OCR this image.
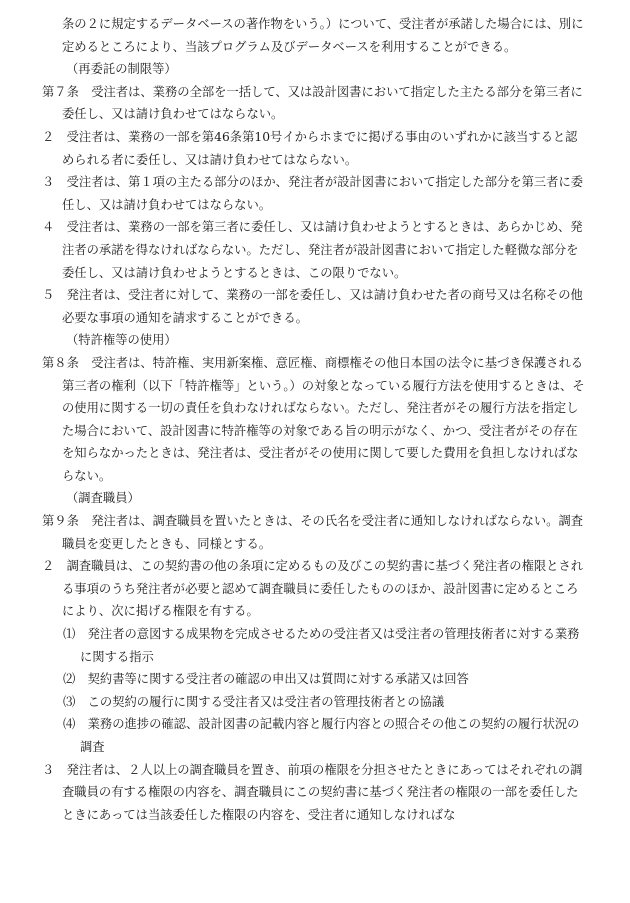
条の２に規定するデータベースの著作物をいう。）について、受注者が承諾した場合には、別に定めるところにより、当該プログラム及びデータベースを利用することができる。
（再委託の制限等）
第７条　受注者は、業務の全部を一括して、又は設計図書において指定した主たる部分を第三者に委任し、又は請け負わせてはならない。
２　受注者は、業務の一部を第46条第10号イからホまでに掲げる事由のいずれかに該当すると認められる者に委任し、又は請け負わせてはならない。
３　受注者は、第１項の主たる部分のほか、発注者が設計図書において指定した部分を第三者に委任し、又は請け負わせてはならない。
４　受注者は、業務の一部を第三者に委任し、又は請け負わせようとするときは、あらかじめ、発注者の承諾を得なければならない。ただし、発注者が設計図書において指定した軽微な部分を委任し、又は請け負わせようとするときは、この限りでない。
５　発注者は、受注者に対して、業務の一部を委任し、又は請け負わせた者の商号又は名称その他必要な事項の通知を請求することができる。
（特許権等の使用）
第８条　受注者は、特許権、実用新案権、意匠権、商標権その他日本国の法令に基づき保護される第三者の権利（以下「特許権等」という。）の対象となっている履行方法を使用するときは、その使用に関する一切の責任を負わなければならない。ただし、発注者がその履行方法を指定した場合において、設計図書に特許権等の対象である旨の明示がなく、かつ、受注者がその存在を知らなかったときは、発注者は、受注者がその使用に関して要した費用を負担しなければならない。
（調査職員）
第９条　発注者は、調査職員を置いたときは、その氏名を受注者に通知しなければならない。調査職員を変更したときも、同様とする。
２　調査職員は、この契約書の他の条項に定めるもの及びこの契約書に基づく発注者の権限とされる事項のうち発注者が必要と認めて調査職員に委任したもののほか、設計図書に定めるところにより、次に掲げる権限を有する。
⑴　発注者の意図する成果物を完成させるための受注者又は受注者の管理技術者に対する業務に関する指示
⑵　契約書等に関する受注者の確認の申出又は質問に対する承諾又は回答
⑶　この契約の履行に関する受注者又は受注者の管理技術者との協議
⑷　業務の進捗の確認、設計図書の記載内容と履行内容との照合その他この契約の履行状況の調査
３　発注者は、２人以上の調査職員を置き、前項の権限を分担させたときにあってはそれぞれの調査職員の有する権限の内容を、調査職員にこの契約書に基づく発注者の権限の一部を委任したときにあっては当該委任した権限の内容を、受注者に通知しなければな
